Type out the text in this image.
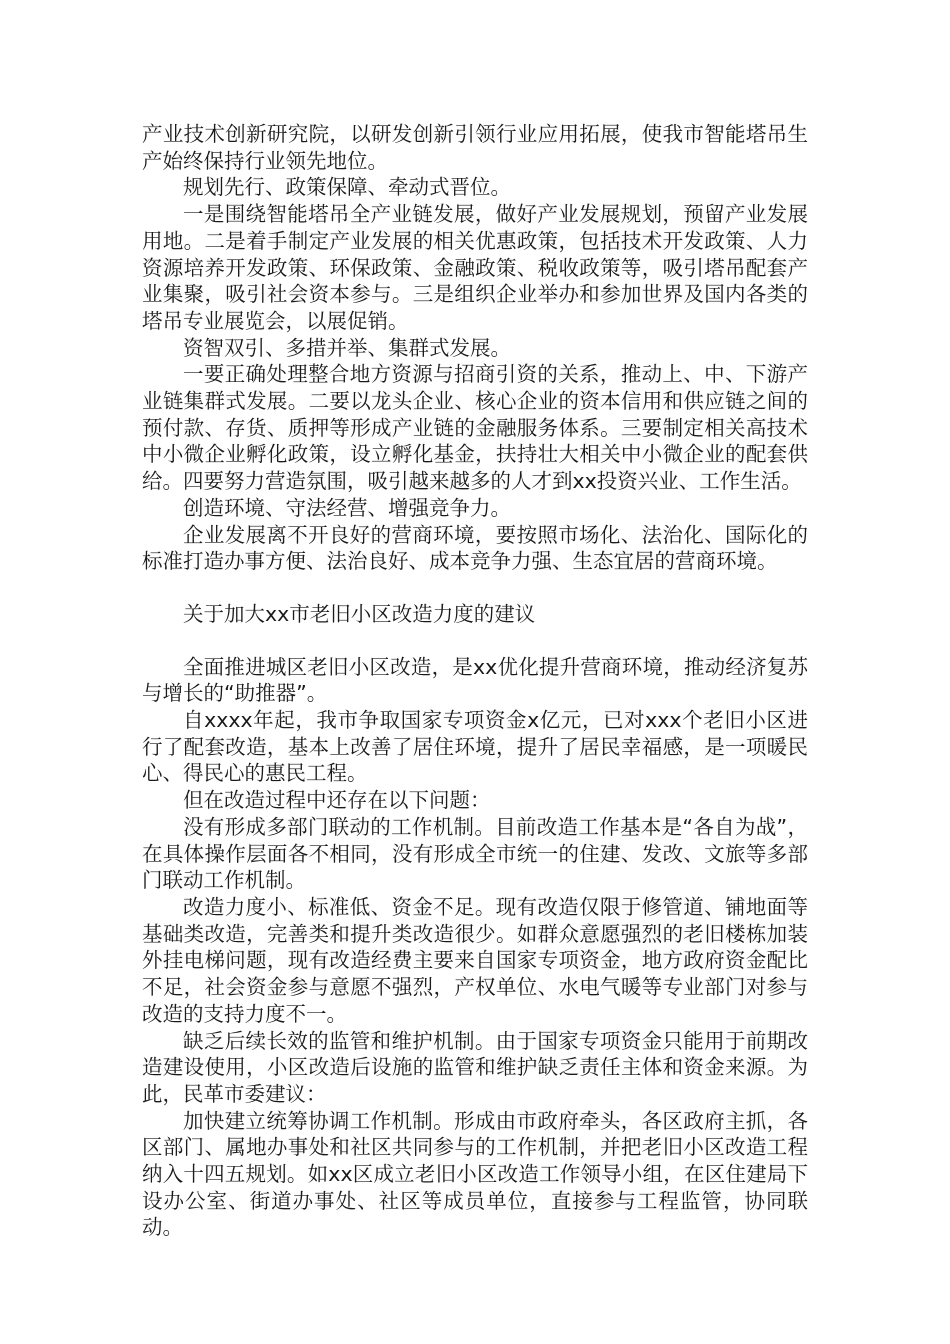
产业技术创新研究院，以研发创新引领行业应用拓展，使我市智能塔吊生产始终保持行业领先地位。

规划先行、政策保障、牵动式晋位。

一是围绕智能塔吊全产业链发展，做好产业发展规划，预留产业发展用地。二是着手制定产业发展的相关优惠政策，包括技术开发政策、人力资源培养开发政策、环保政策、金融政策、税收政策等，吸引塔吊配套产业集聚，吸引社会资本参与。三是组织企业举办和参加世界及国内各类的塔吊专业展览会，以展促销。

资智双引、多措并举、集群式发展。

一要正确处理整合地方资源与招商引资的关系，推动上、中、下游产业链集群式发展。二要以龙头企业、核心企业的资本信用和供应链之间的预付款、存货、质押等形成产业链的金融服务体系。三要制定相关高技术中小微企业孵化政策，设立孵化基金，扶持壮大相关中小微企业的配套供给。四要努力营造氛围，吸引越来越多的人才到xx投资兴业、工作生活。

创造环境、守法经营、增强竞争力。

企业发展离不开良好的营商环境，要按照市场化、法治化、国际化的标准打造办事方便、法治良好、成本竞争力强、生态宜居的营商环境。

关于加大xx市老旧小区改造力度的建议

全面推进城区老旧小区改造，是xx优化提升营商环境，推动经济复苏与增长的“助推器”。

自xxxx年起，我市争取国家专项资金x亿元，已对xxx个老旧小区进行了配套改造，基本上改善了居住环境，提升了居民幸福感，是一项暖民心、得民心的惠民工程。

但在改造过程中还存在以下问题：

没有形成多部门联动的工作机制。目前改造工作基本是“各自为战”，在具体操作层面各不相同，没有形成全市统一的住建、发改、文旅等多部门联动工作机制。

改造力度小、标准低、资金不足。现有改造仅限于修管道、铺地面等基础类改造，完善类和提升类改造很少。如群众意愿强烈的老旧楼栋加装外挂电梯问题，现有改造经费主要来自国家专项资金，地方政府资金配比不足，社会资金参与意愿不强烈，产权单位、水电气暖等专业部门对参与改造的支持力度不一。

缺乏后续长效的监管和维护机制。由于国家专项资金只能用于前期改造建设使用，小区改造后设施的监管和维护缺乏责任主体和资金来源。为此，民革市委建议：

加快建立统筹协调工作机制。形成由市政府牵头，各区政府主抓，各区部门、属地办事处和社区共同参与的工作机制，并把老旧小区改造工程纳入十四五规划。如xx区成立老旧小区改造工作领导小组，在区住建局下设办公室、街道办事处、社区等成员单位，直接参与工程监管，协同联动。
